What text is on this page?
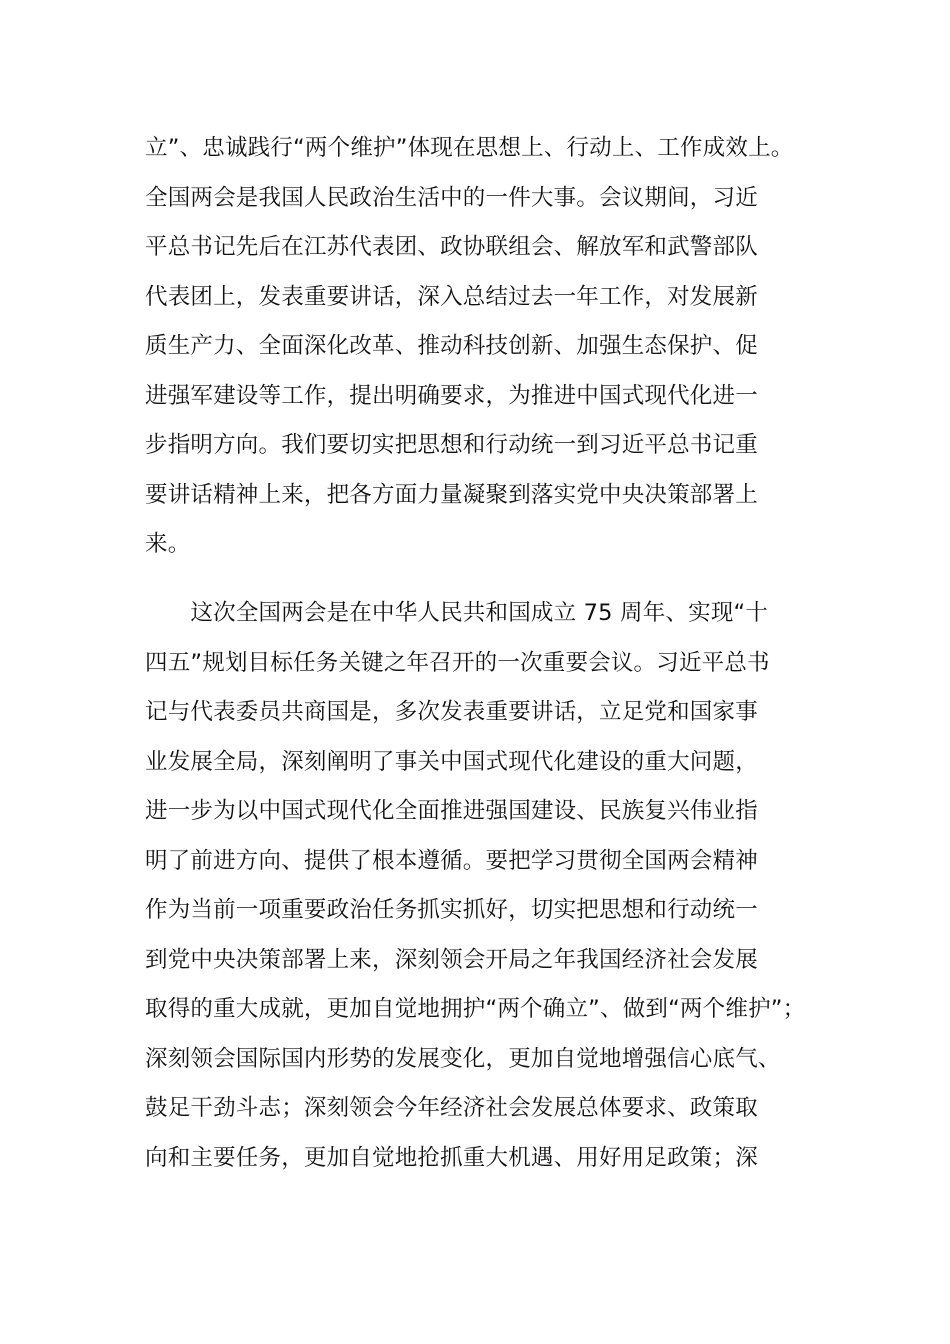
立”、忠诚践行“两个维护”体现在思想上、行动上、工作成效上。
全国两会是我国人民政治生活中的一件大事。会议期间，习近
平总书记先后在江苏代表团、政协联组会、解放军和武警部队
代表团上，发表重要讲话，深入总结过去一年工作，对发展新
质生产力、全面深化改革、推动科技创新、加强生态保护、促
进强军建设等工作，提出明确要求，为推进中国式现代化进一
步指明方向。我们要切实把思想和行动统一到习近平总书记重
要讲话精神上来，把各方面力量凝聚到落实党中央决策部署上
来。
　　这次全国两会是在中华人民共和国成立 75 周年、实现“十
四五”规划目标任务关键之年召开的一次重要会议。习近平总书
记与代表委员共商国是，多次发表重要讲话，立足党和国家事
业发展全局，深刻阐明了事关中国式现代化建设的重大问题，
进一步为以中国式现代化全面推进强国建设、民族复兴伟业指
明了前进方向、提供了根本遵循。要把学习贯彻全国两会精神
作为当前一项重要政治任务抓实抓好，切实把思想和行动统一
到党中央决策部署上来，深刻领会开局之年我国经济社会发展
取得的重大成就，更加自觉地拥护“两个确立”、做到“两个维护”；
深刻领会国际国内形势的发展变化，更加自觉地增强信心底气、
鼓足干劲斗志；深刻领会今年经济社会发展总体要求、政策取
向和主要任务，更加自觉地抢抓重大机遇、用好用足政策；深
